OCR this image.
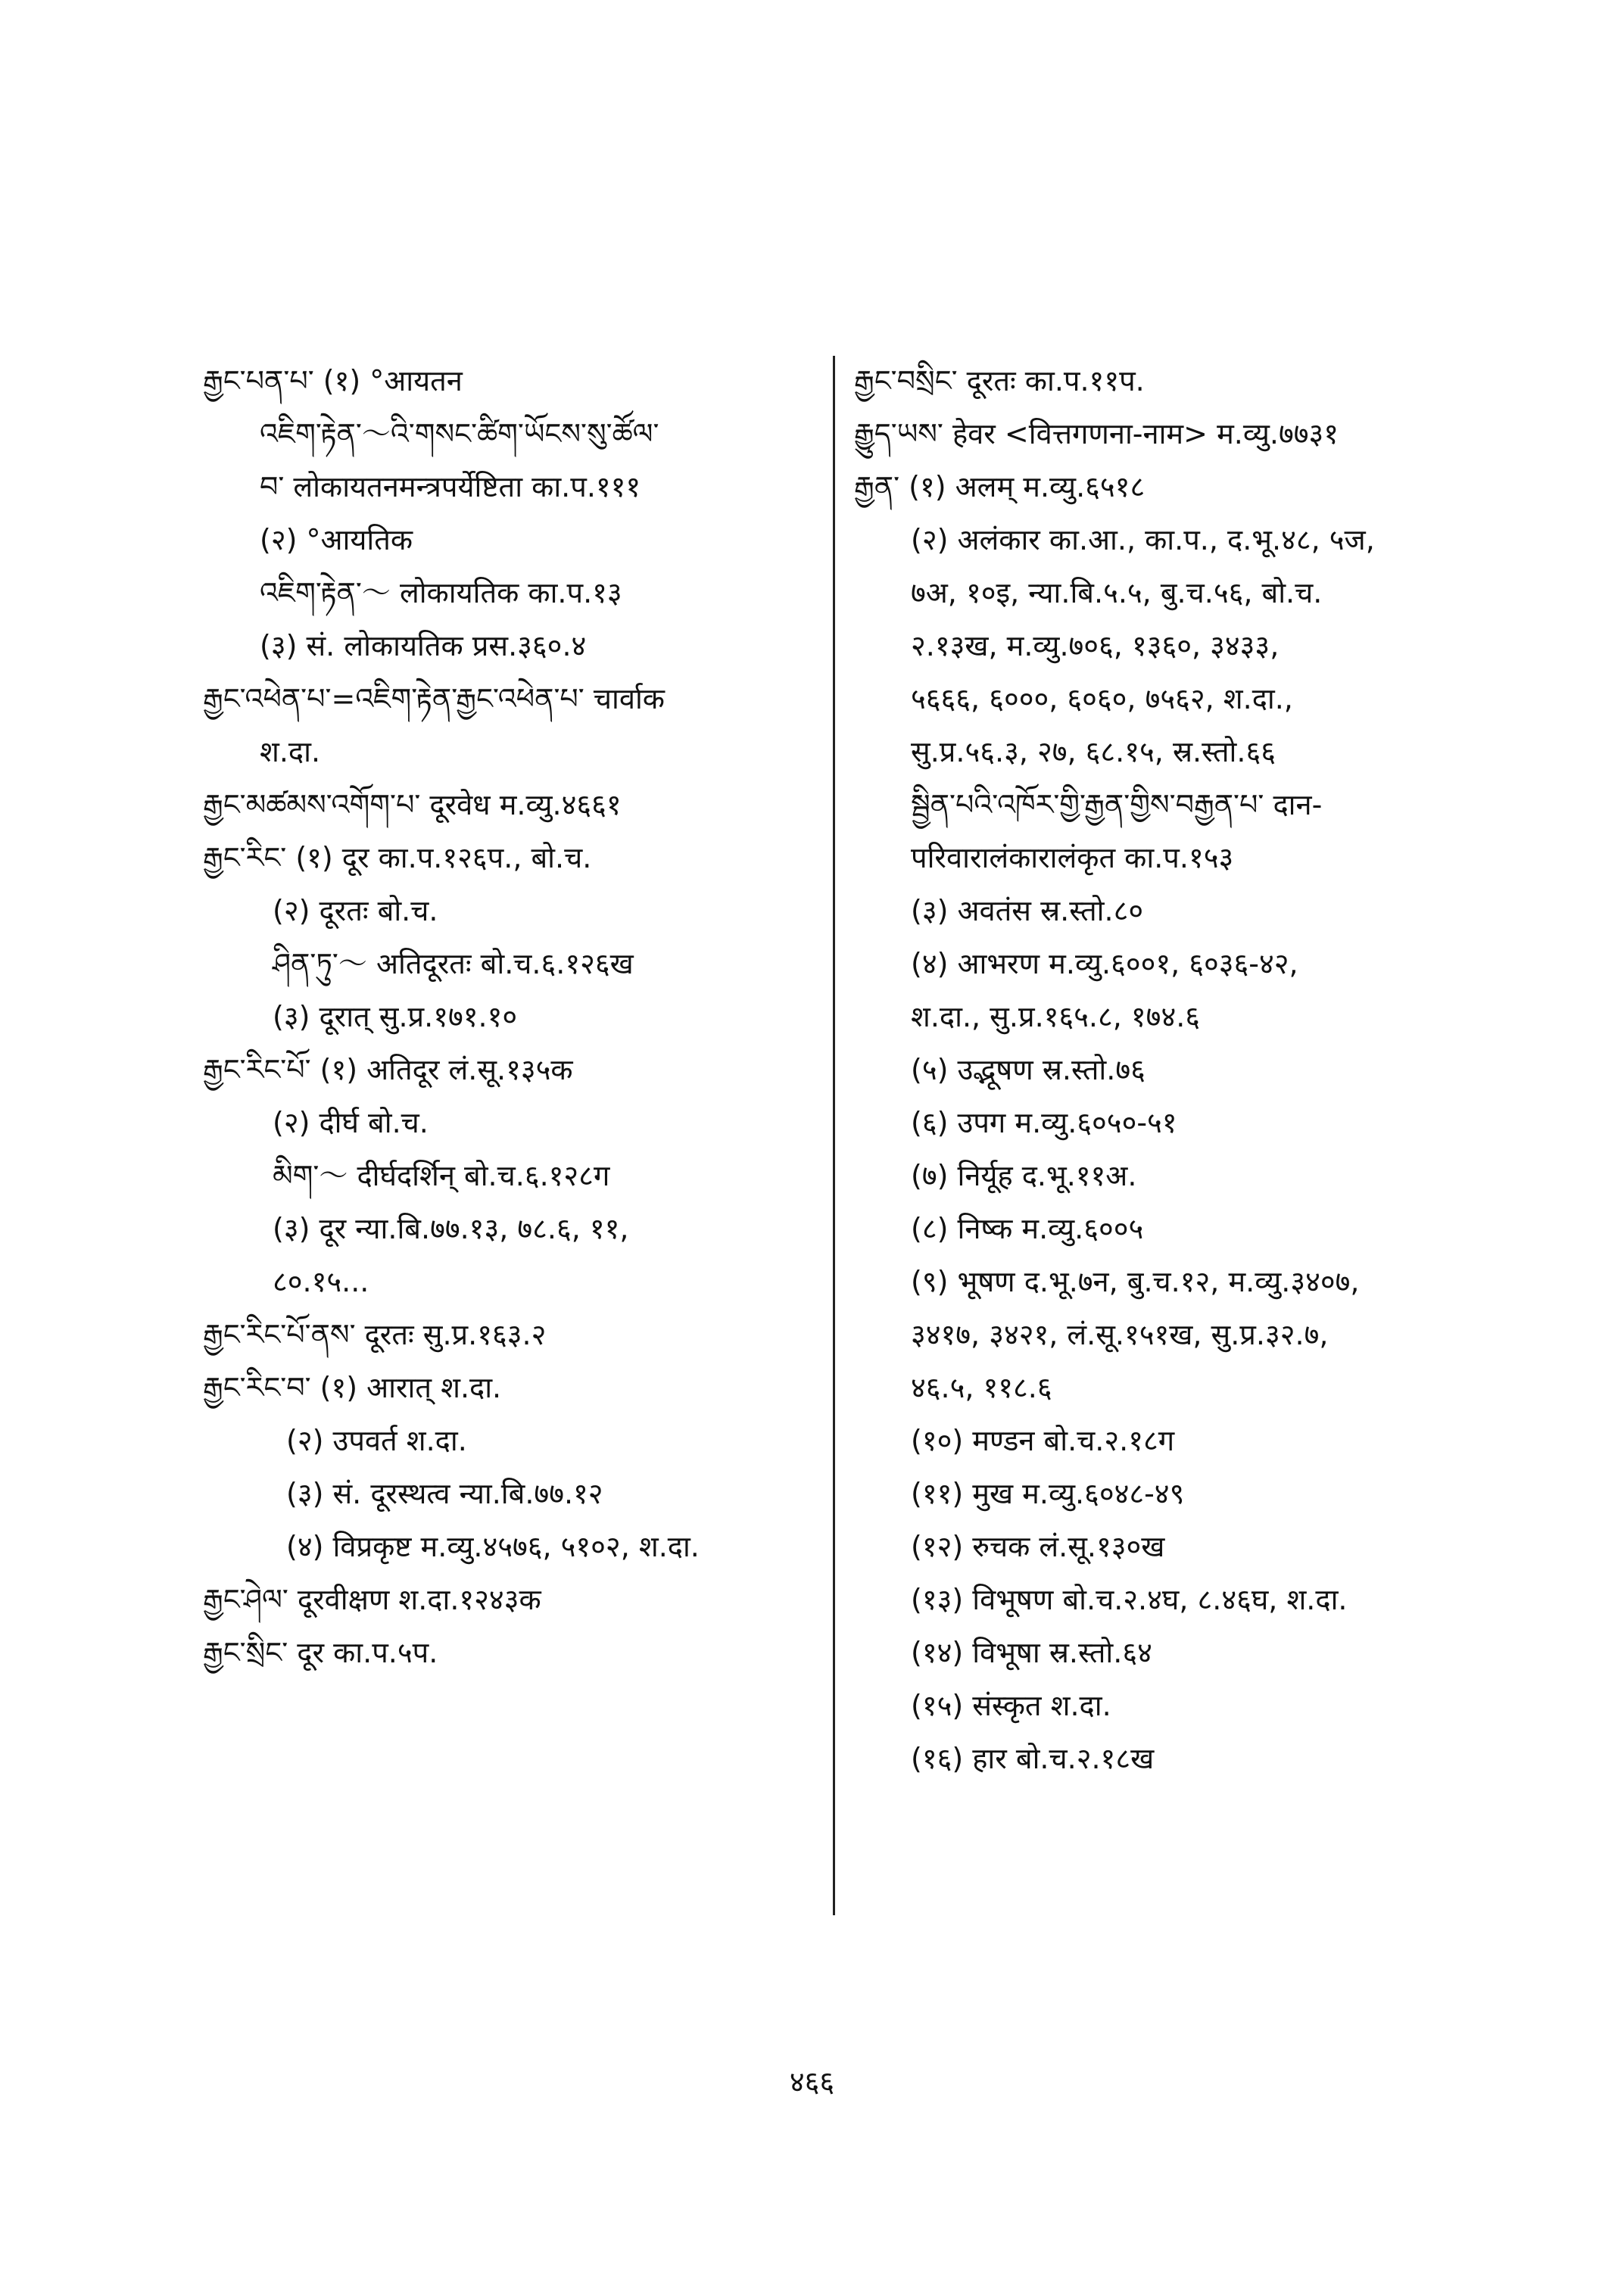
རྒྱང་པན་པ་ (१) °आयतन
འཇིག་རྟེན་～འི་གསང་ཚིག་ཡོངས་སུ་ཚོལ་
བ་ लोकायतनमन्त्रपर्येष्टिता का.प.१११
(२) °आयतिक
འཇིག་རྟེན་～ लोकायतिक का.प.१३
(३) सं. लोकायतिक प्रस.३६०.४
རྒྱང་འཕེན་པ་=འཇིག་རྟེན་རྒྱང་འཕེན་པ་ चार्वाक
श.दा.
རྒྱང་མཚམས་འགོག་པ་ दूरवेध म.व्यु.४६६१
རྒྱང་རིང་ (१) दूर का.प.१२६प., बो.च.
(२) दूरतः बो.च.
ཤིན་ཏུ་～ अतिदूरतः बो.च.६.१२६ख
(३) दूरात् सु.प्र.१७१.१०
རྒྱང་རིང་པོ་ (१) अतिदूर लं.सू.१३५क
(२) दीर्घ बो.च.
མིག་～ दीर्घदर्शिन् बो.च.६.१२८ग
(३) दूर न्या.बि.७७.१३, ७८.६, ११,
८०.१५...
རྒྱང་རིང་པོ་ནས་ दूरतः सु.प्र.१६३.२
རྒྱང་རིང་བ་ (१) आरात् श.दा.
(२) उपवर्त श.दा.
(३) सं. दूरस्थत्व न्या.बि.७७.१२
(४) विप्रकृष्ट म.व्यु.४५७६, ५१०२, श.दा.
རྒྱང་ཤེལ་ दूरवीक्षण श.दा.१२४३क
རྒྱང་སྲིང་ दूर का.प.५प.
རྒྱང་བསྲིང་ दूरतः का.प.११प.
རྒྱུད་ཡས་ हेवर <वित्तगणना-नाम> म.व्यु.७७३१
རྒྱན་ (१) अलम् म.व्यु.६५१८
(२) अलंकार का.आ., का.प., द.भू.४८, ५ज,
७अ, १०इ, न्या.बि.५.५, बु.च.५६, बो.च.
२.१३ख, म.व्यु.७०६, १३६०, ३४३३,
५६६६, ६०००, ६०६०, ७५६२, श.दा.,
सु.प्र.५६.३, २७, ६८.१५, स्र.स्तो.६६
སྦྱིན་པའི་འཁོར་གྱི་རྒྱན་གྱིས་བརྒྱན་པ་ दान-
परिवारालंकारालंकृत का.प.१५३
(३) अवतंस स्र.स्तो.८०
(४) आभरण म.व्यु.६००१, ६०३६-४२,
श.दा., सु.प्र.१६५.८, १७४.६
(५) उद्भूषण स्र.स्तो.७६
(६) उपग म.व्यु.६०५०-५१
(७) निर्यूह द.भू.११अ.
(८) निष्क म.व्यु.६००५
(९) भूषण द.भू.७न, बु.च.१२, म.व्यु.३४०७,
३४१७, ३४२१, लं.सू.१५१ख, सु.प्र.३२.७,
४६.५, ११८.६
(१०) मण्डन बो.च.२.१८ग
(११) मुख म.व्यु.६०४८-४९
(१२) रुचक लं.सू.१३०ख
(१३) विभूषण बो.च.२.४घ, ८.४६घ, श.दा.
(१४) विभूषा स्र.स्तो.६४
(१५) संस्कृत श.दा.
(१६) हार बो.च.२.१८ख
४६६
